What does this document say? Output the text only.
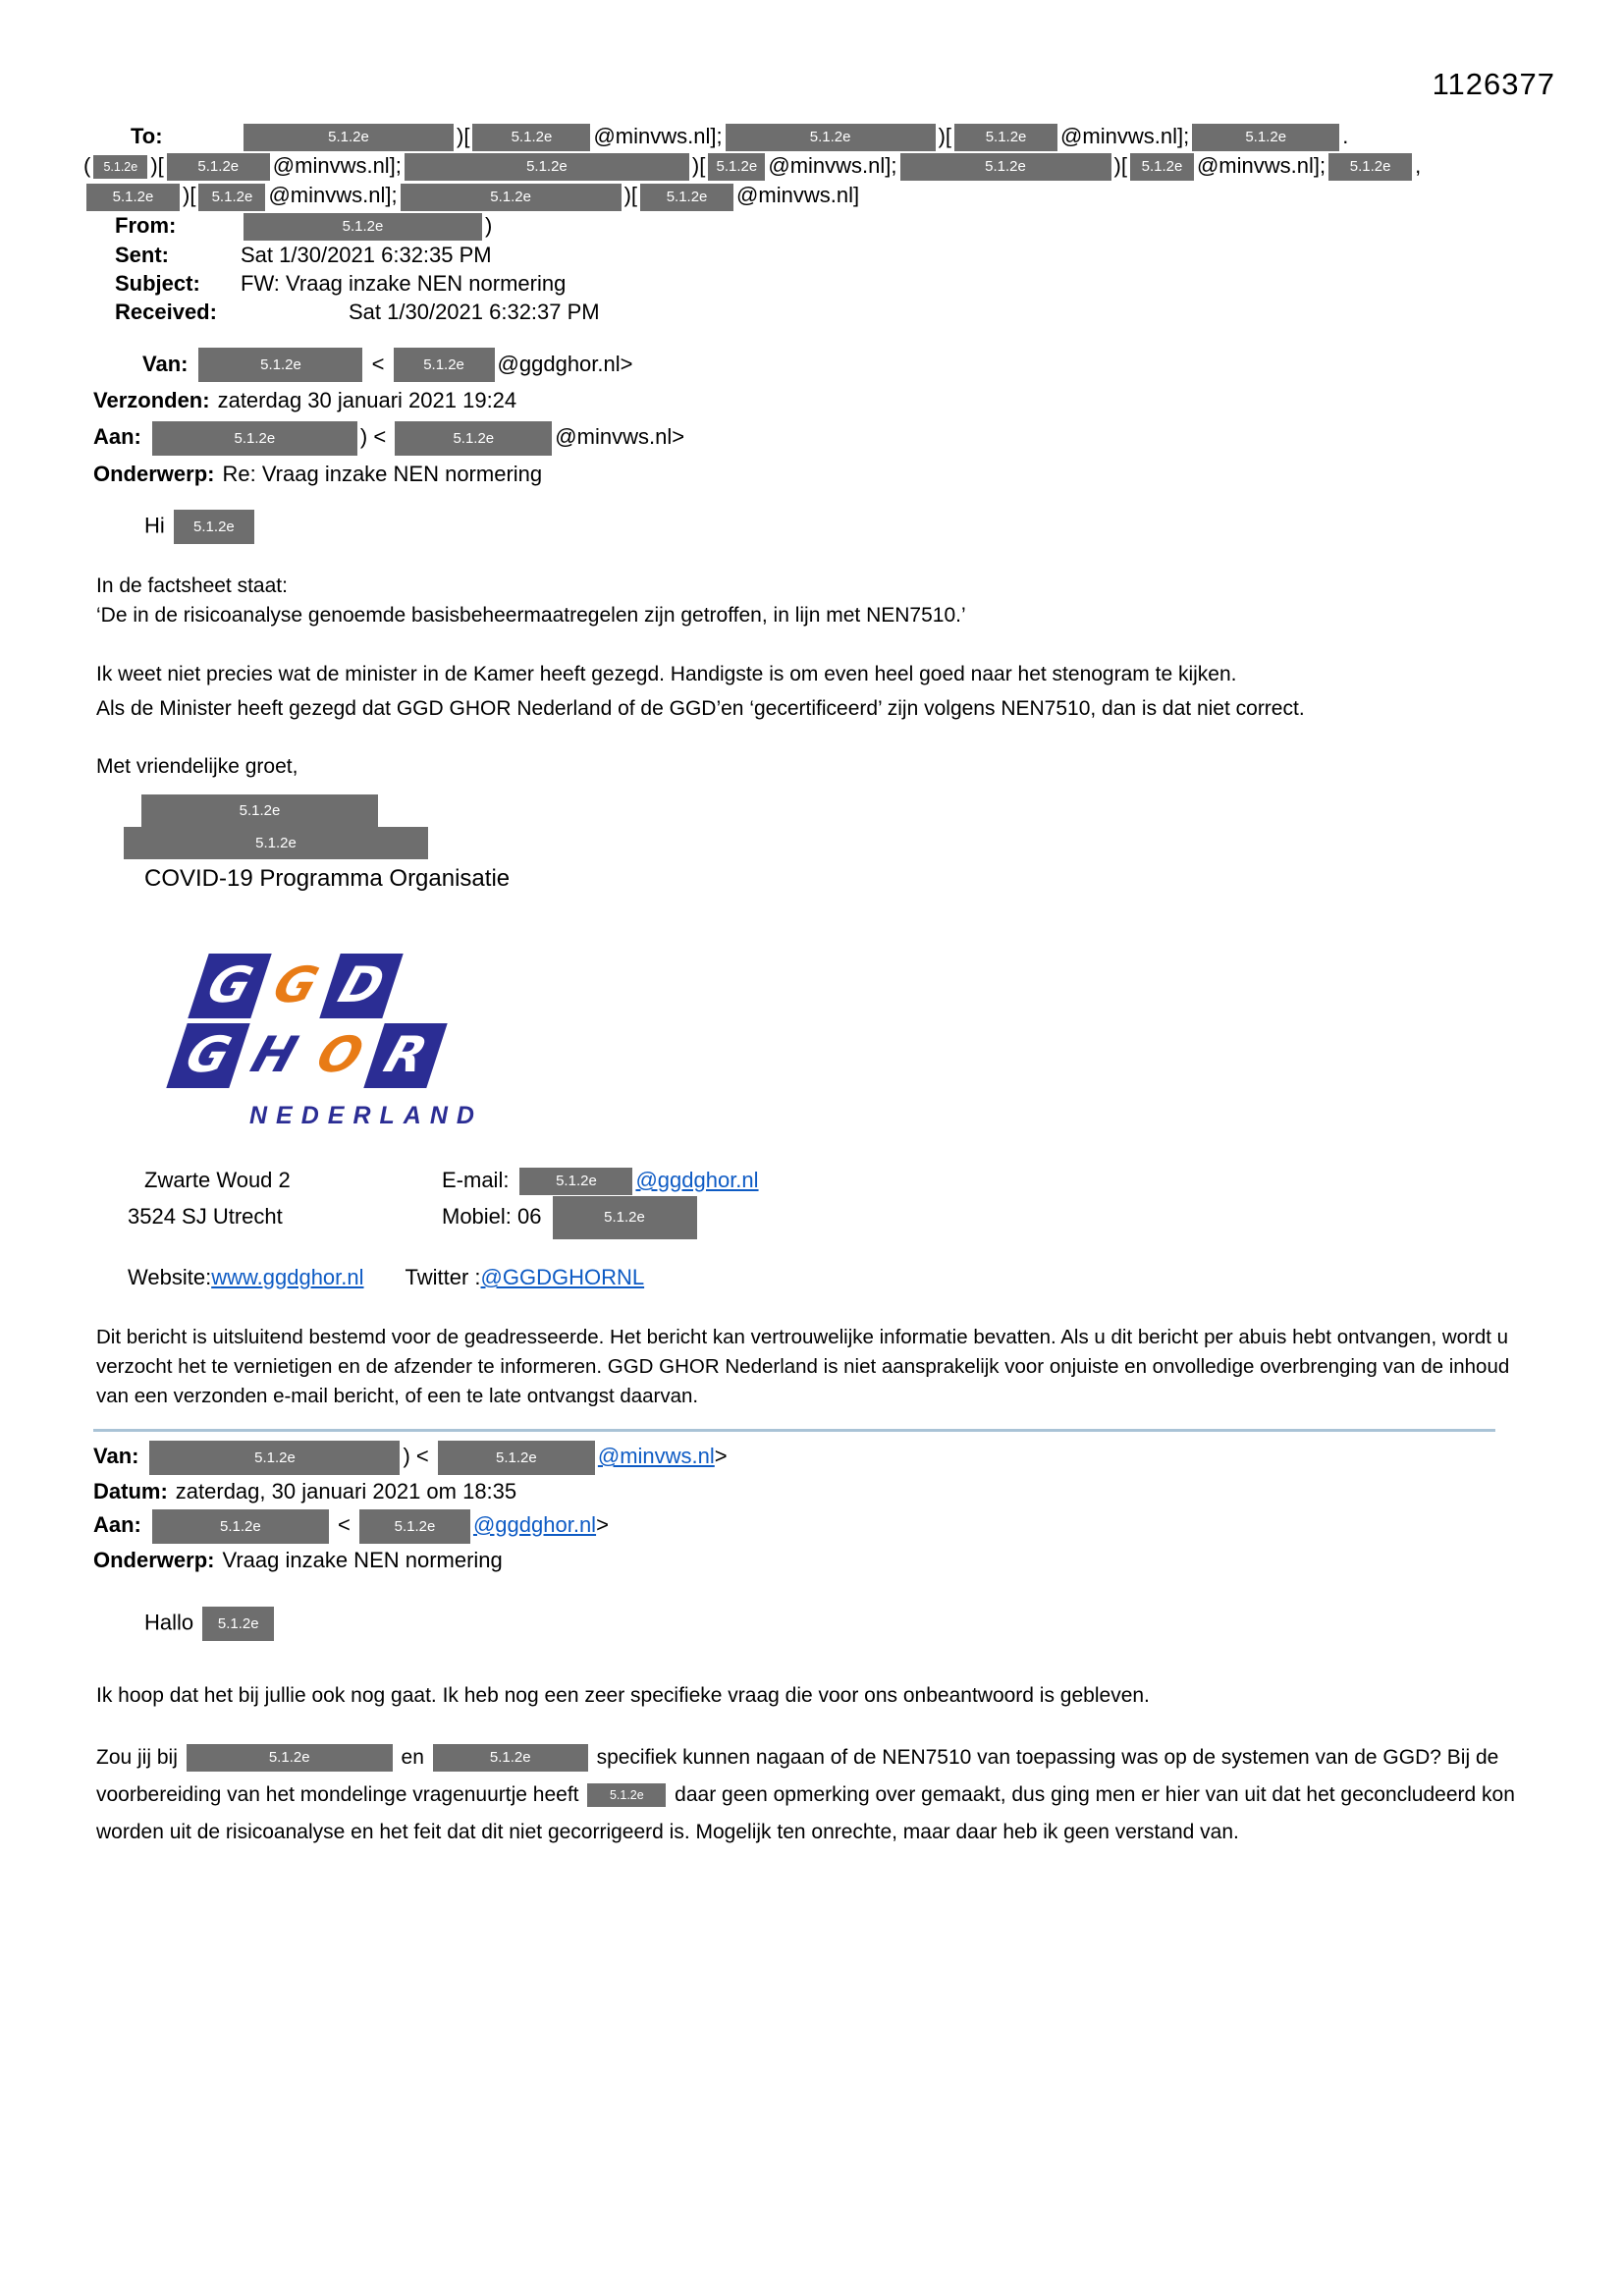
1126377
To:	5.1.2e	)[	5.1.2e @minvws.nl];	5.1.2e	)[ 5.1.2e @minvws.nl];	5.1.2e	.
( 5.1.2e )[ 5.1.2e @minvws.nl];	5.1.2e	)[ 5.1.2e @minvws.nl];	5.1.2e	)[ 5.1.2e @minvws.nl]; 5.1.2e ,
5.1.2e )[ 5.1.2e @minvws.nl];	5.1.2e	)[ 5.1.2e @minvws.nl]
From:	5.1.2e	)
Sent:	Sat 1/30/2021 6:32:35 PM
Subject: FW: Vraag inzake NEN normering
Received:	Sat 1/30/2021 6:32:37 PM
Van:	5.1.2e	< 5.1.2e @ggdghor.nl>
Verzonden: zaterdag 30 januari 2021 19:24
Aan:	5.1.2e	) <	5.1.2e	@minvws.nl>
Onderwerp: Re: Vraag inzake NEN normering
Hi 5.1.2e
In de factsheet staat:
‘De in de risicoanalyse genoemde basisbeheermaatregelen zijn getroffen, in lijn met NEN7510.’
Ik weet niet precies wat de minister in de Kamer heeft gezegd. Handigste is om even heel goed naar het stenogram te kijken.
Als de Minister heeft gezegd dat GGD GHOR Nederland of de GGD’en ‘gecertificeerd’ zijn volgens NEN7510, dan is dat niet correct.
Met vriendelijke groet,
5.1.2e
5.1.2e
COVID-19 Programma Organisatie
G G D
G H O R
NEDERLAND
Zwarte Woud 2	E-mail:	5.1.2e @ggdghor.nl
3524 SJ Utrecht	Mobiel: 06	5.1.2e
Website:www.ggdghor.nl Twitter :@GGDGHORNL
Dit bericht is uitsluitend bestemd voor de geadresseerde. Het bericht kan vertrouwelijke informatie bevatten. Als u dit bericht per abuis hebt ontvangen, wordt u verzocht het te vernietigen en de afzender te informeren. GGD GHOR Nederland is niet aansprakelijk voor onjuiste en onvolledige overbrenging van de inhoud van een verzonden e-mail bericht, of een te late ontvangst daarvan.
Van:	5.1.2e	) <	5.1.2e	@minvws.nl>
Datum: zaterdag, 30 januari 2021 om 18:35
Aan:	5.1.2e	<	5.1.2e @ggdghor.nl>
Onderwerp: Vraag inzake NEN normering
Hallo 5.1.2e
Ik hoop dat het bij jullie ook nog gaat. Ik heb nog een zeer specifieke vraag die voor ons onbeantwoord is gebleven.
Zou jij bij	5.1.2e	en	5.1.2e	specifiek kunnen nagaan of de NEN7510 van toepassing was op de systemen van de GGD? Bij de voorbereiding van het mondelinge vragenuurtje heeft 5.1.2e daar geen opmerking over gemaakt, dus ging men er hier van uit dat het geconcludeerd kon worden uit de risicoanalyse en het feit dat dit niet gecorrigeerd is. Mogelijk ten onrechte, maar daar heb ik geen verstand van.
